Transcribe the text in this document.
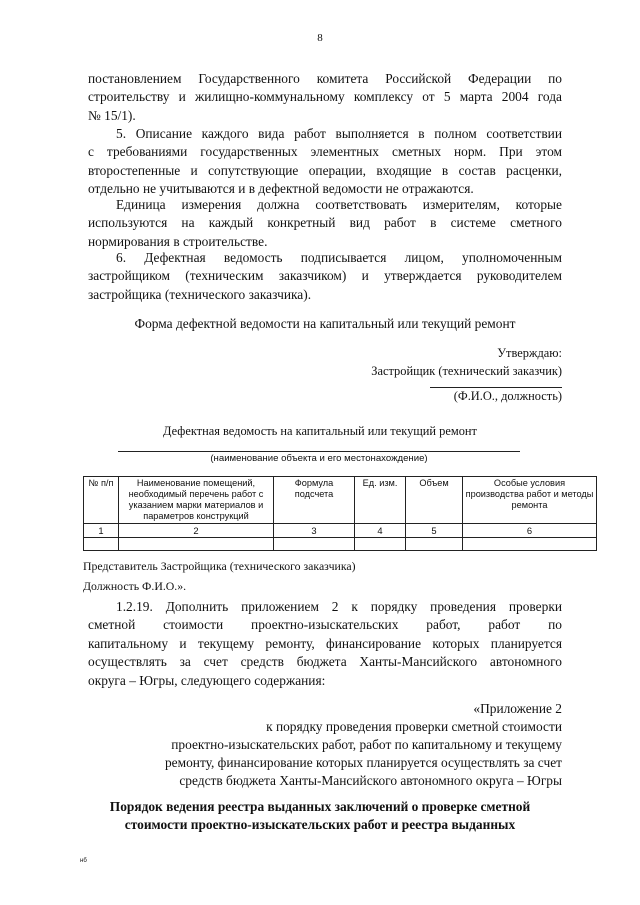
8
постановлением Государственного комитета Российской Федерации по
строительству и жилищно-коммунальному комплексу от 5 марта 2004 года
№ 15/1).
5. Описание каждого вида работ выполняется в полном соответствии
с требованиями государственных элементных сметных норм. При этом
второстепенные и сопутствующие операции, входящие в состав расценки,
отдельно не учитываются и в дефектной ведомости не отражаются.
Единица измерения должна соответствовать измерителям, которые
используются на каждый конкретный вид работ в системе сметного
нормирования в строительстве.
6. Дефектная ведомость подписывается лицом, уполномоченным
застройщиком (техническим заказчиком) и утверждается руководителем
застройщика (технического заказчика).
Форма дефектной ведомости на капитальный или текущий ремонт
Утверждаю:
Застройщик (технический заказчик)
(Ф.И.О., должность)
Дефектная ведомость на капитальный или текущий ремонт
(наименование объекта и его местонахождение)
№ п/п	Наименование помещений, необходимый перечень работ с указанием марки материалов и параметров конструкций	Формула подсчета	Ед. изм.	Объем	Особые условия производства работ и методы ремонта
1	2	3	4	5	6

Представитель Застройщика (технического заказчика)
Должность Ф.И.О.».
1.2.19. Дополнить приложением 2 к порядку проведения проверки
сметной стоимости проектно-изыскательских работ, работ по
капитальному и текущему ремонту, финансирование которых планируется
осуществлять за счет средств бюджета Ханты-Мансийского автономного
округа – Югры, следующего содержания:
«Приложение 2
к порядку проведения проверки сметной стоимости
проектно-изыскательских работ, работ по капитальному и текущему
ремонту, финансирование которых планируется осуществлять за счет
средств бюджета Ханты-Мансийского автономного округа – Югры
Порядок ведения реестра выданных заключений о проверке сметной
стоимости проектно-изыскательских работ и реестра выданных
нб
